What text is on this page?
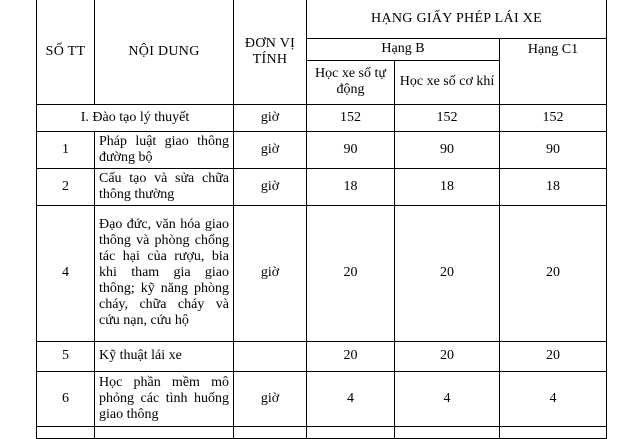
SỐ TT	NỘI DUNG	ĐƠN VỊ TÍNH	HẠNG GIẤY PHÉP LÁI XE		
			Hạng B		Hạng C1
			Học xe số tự động	Học xe số cơ khí	
I. Đào tạo lý thuyết		giờ	152	152	152
1	Pháp luật giao thông đường bộ	giờ	90	90	90
2	Cấu tạo và sửa chữa thông thường	giờ	18	18	18
4	Đạo đức, văn hóa giao thông và phòng chống tác hại của rượu, bia khi tham gia giao thông; kỹ năng phòng cháy, chữa cháy và cứu nạn, cứu hộ	giờ	20	20	20
5	Kỹ thuật lái xe		20	20	20
6	Học phần mềm mô phỏng các tình huống giao thông	giờ	4	4	4
